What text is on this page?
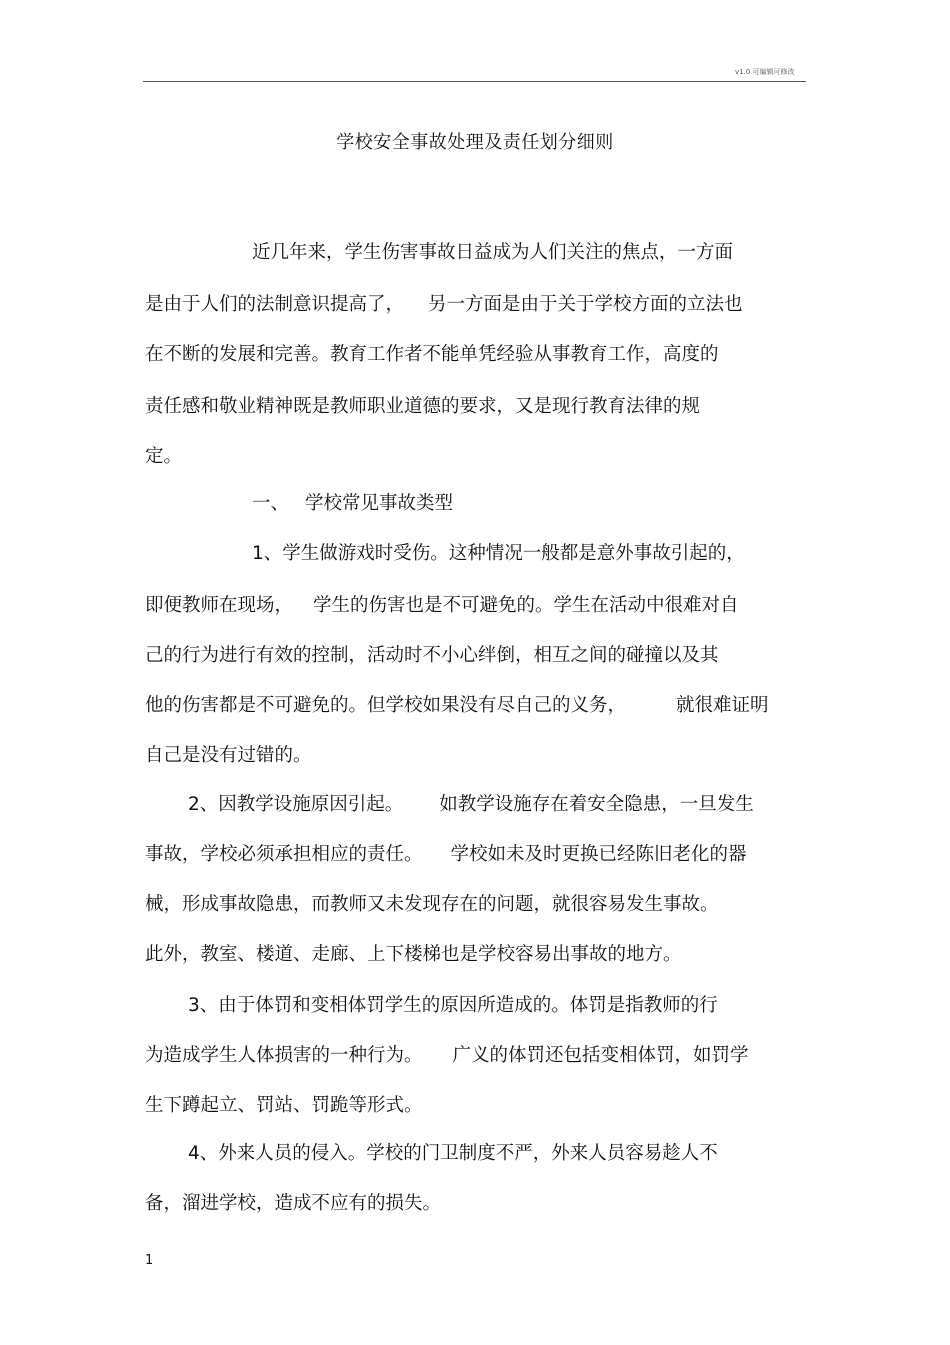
v1.0 可编辑可修改
学校安全事故处理及责任划分细则
近几年来，学生伤害事故日益成为人们关注的焦点，一方面
是由于人们的法制意识提高了， 另一方面是由于关于学校方面的立法也
在不断的发展和完善。教育工作者不能单凭经验从事教育工作，高度的
责任感和敬业精神既是教师职业道德的要求，又是现行教育法律的规
定。
一、 学校常见事故类型
1、学生做游戏时受伤。这种情况一般都是意外事故引起的，
即便教师在现场， 学生的伤害也是不可避免的。学生在活动中很难对自
己的行为进行有效的控制，活动时不小心绊倒，相互之间的碰撞以及其
他的伤害都是不可避免的。但学校如果没有尽自己的义务，	就很难证明
自己是没有过错的。
2、因教学设施原因引起。 如教学设施存在着安全隐患，一旦发生
事故，学校必须承担相应的责任。 学校如未及时更换已经陈旧老化的器
械，形成事故隐患，而教师又未发现存在的问题，就很容易发生事故。
此外，教室、楼道、走廊、上下楼梯也是学校容易出事故的地方。
3、由于体罚和变相体罚学生的原因所造成的。体罚是指教师的行
为造成学生人体损害的一种行为。 广义的体罚还包括变相体罚，如罚学
生下蹲起立、罚站、罚跪等形式。
4、外来人员的侵入。学校的门卫制度不严，外来人员容易趁人不
备，溜进学校，造成不应有的损失。
1
